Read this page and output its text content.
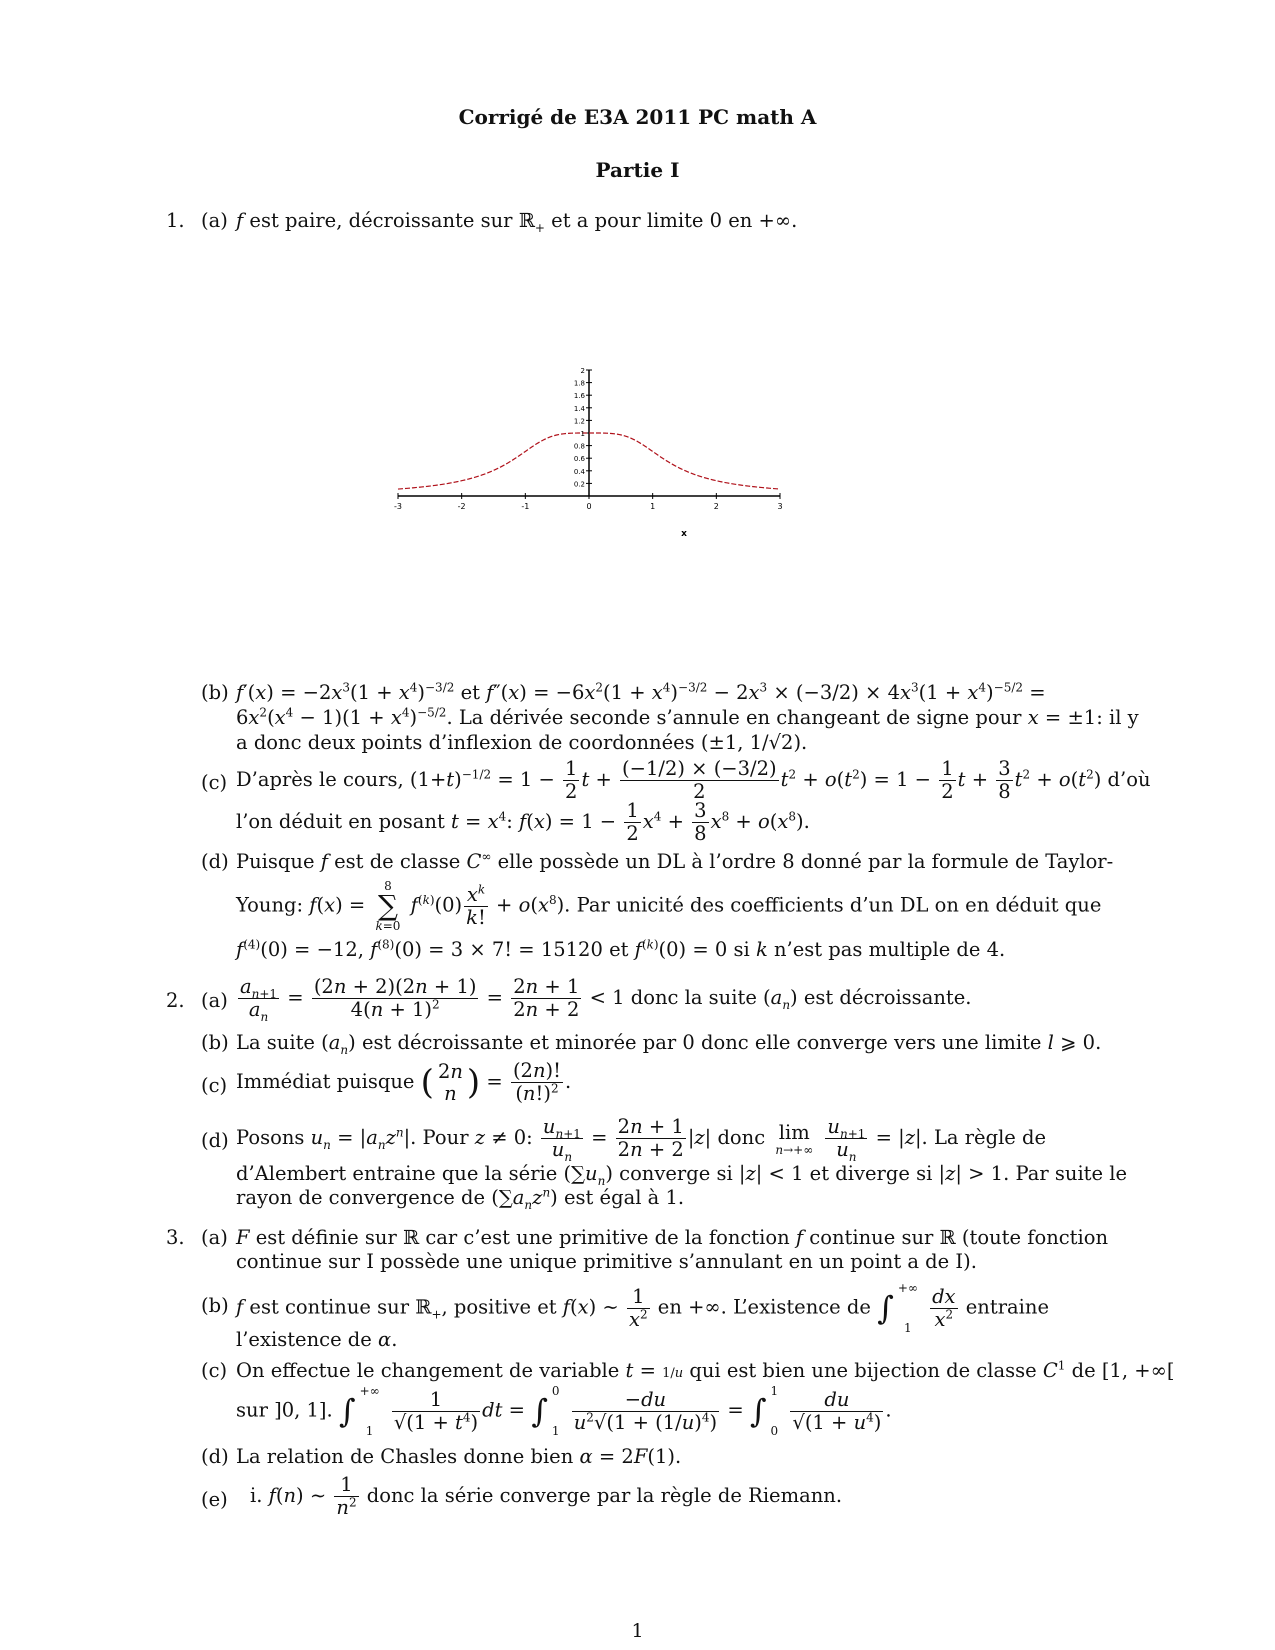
Corrigé de E3A 2011 PC math A
Partie I
1. (a) f est paire, décroissante sur ℝ$_+$ et a pour limite 0 en +∞.
-3	-2	-1	0	1	2	3
0.2
0.4
0.6
0.8
1
1.2
1.4
1.6
1.8
2
x
(b) $f'(x) = -2x^3(1 + x^4)^{-3/2}$ et $f''(x) = -6x^2(1 + x^4)^{-3/2} - 2x^3 \times (-3/2) \times 4x^3(1 + x^4)^{-5/2}$ =
$6x^2(x^4 - 1)(1 + x^4)^{-5/2}$. La dérivée seconde s’annule en changeant de signe pour x = ±1: il y
a donc deux points d’inflexion de coordonnées (±1, 1/√2).
(c) D’après le cours, $(1+t)^{-1/2} = 1 - \frac{1}{2}$ $t + \frac{(-1/2) \times (-3/2)}{2} t^2 + o(t^2) = 1 - \frac{1}{2}$ $t + \frac{3}{8} t^2 + o(t^2)$ d’où
l’on déduit en posant $t = x^4$: $f(x) = 1 - \frac{1}{2} x^4 + \frac{3}{8} x^8 + o(x^8)$.
(d) Puisque f est de classe C∞ elle possède un DL à l’ordre 8 donné par la formule de Taylor-
Young: f(x) =
8
∑
k=0
$f^{(k)}(0) \frac{x^k}{k!} + o(x^8)$. Par unicité des coefficients d’un DL on en déduit que
$f^{(4)}(0) = -12$, $f^{(8)}(0) = 3 \times 7$! = 15120 et $f^{(k)}(0) = 0$ si k n’est pas multiple de 4.
2. $(a) \frac{a_{n+1}}{a_n} = \frac{(2n + 2)(2n + 1)}{4(n + 1)^2} = \frac{2n + 1}{2n + 2} < 1$ donc la suite $(a_n)$ est décroissante.
(b) La suite $(a_n)$ est décroissante et minorée par 0 donc elle converge vers une limite l ⩾ 0.
(c) Immédiat puisque ( 2n
n ) = $\frac{(2n)!}{(n!)^2}$ .
(d) Posons $u_n = |a_nz^n|$. Pour z ≠ 0: $\frac{u_{n+1}}{u_n} = \frac{2n + 1}{2n + 2} |z|$ donc lim
n→+∞
$\frac{u_{n+1}}{u_n} = |z|$. La règle de
d’Alembert entraine que la série $(\sum u_n)$ converge si |z| < 1 et diverge si |z| > 1. Par suite le
rayon de convergence de $(\sum a_nz^n)$ est égal à 1.
3. (a) F est définie sur ℝ car c’est une primitive de la fonction f continue sur ℝ (toute fonction
continue sur I possède une unique primitive s’annulant en un point a de I).
(b) f est continue sur ℝ$_+$, positive et f(x) ∼ $\frac{1}{x^2}$ en +∞. L’existence de ∫
+∞

1
$\frac{dx}{x^2}$ entraine
l’existence de α.
(c) On effectue le changement de variable t = 1/u qui est bien une bijection de classe $C^1$ de [1, +∞[
sur ]0, 1]. ∫
+∞

1
$\frac{1}{√(1 + t^4)}$ dt = ∫
0

1
$\frac{-du}{u^2√(1 + (1/u)^4)}$ = ∫
1

0
$\frac{du}{√(1 + u^4)}$ .
(d) La relation de Chasles donne bien α = 2F(1).
(e) i. f(n) ∼ $\frac{1}{n^2}$ donc la série converge par la règle de Riemann.
1
